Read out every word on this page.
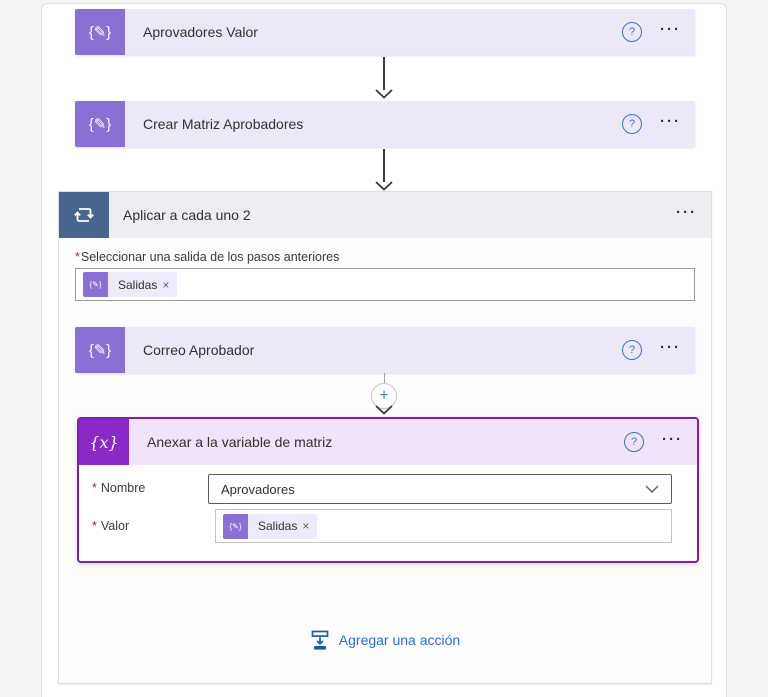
{✎}	Aprovadores Valor	? ···
{✎}	Crear Matriz Aprobadores	? ···
Aplicar a cada uno 2	···
*Seleccionar una salida de los pasos anteriores
{✎}	Salidas ×
{✎}	Correo Aprobador	? ···
+
{x}	Anexar a la variable de matriz	? ···
* Nombre	Aprovadores
* Valor	{✎}	Salidas ×
Agregar una acción
